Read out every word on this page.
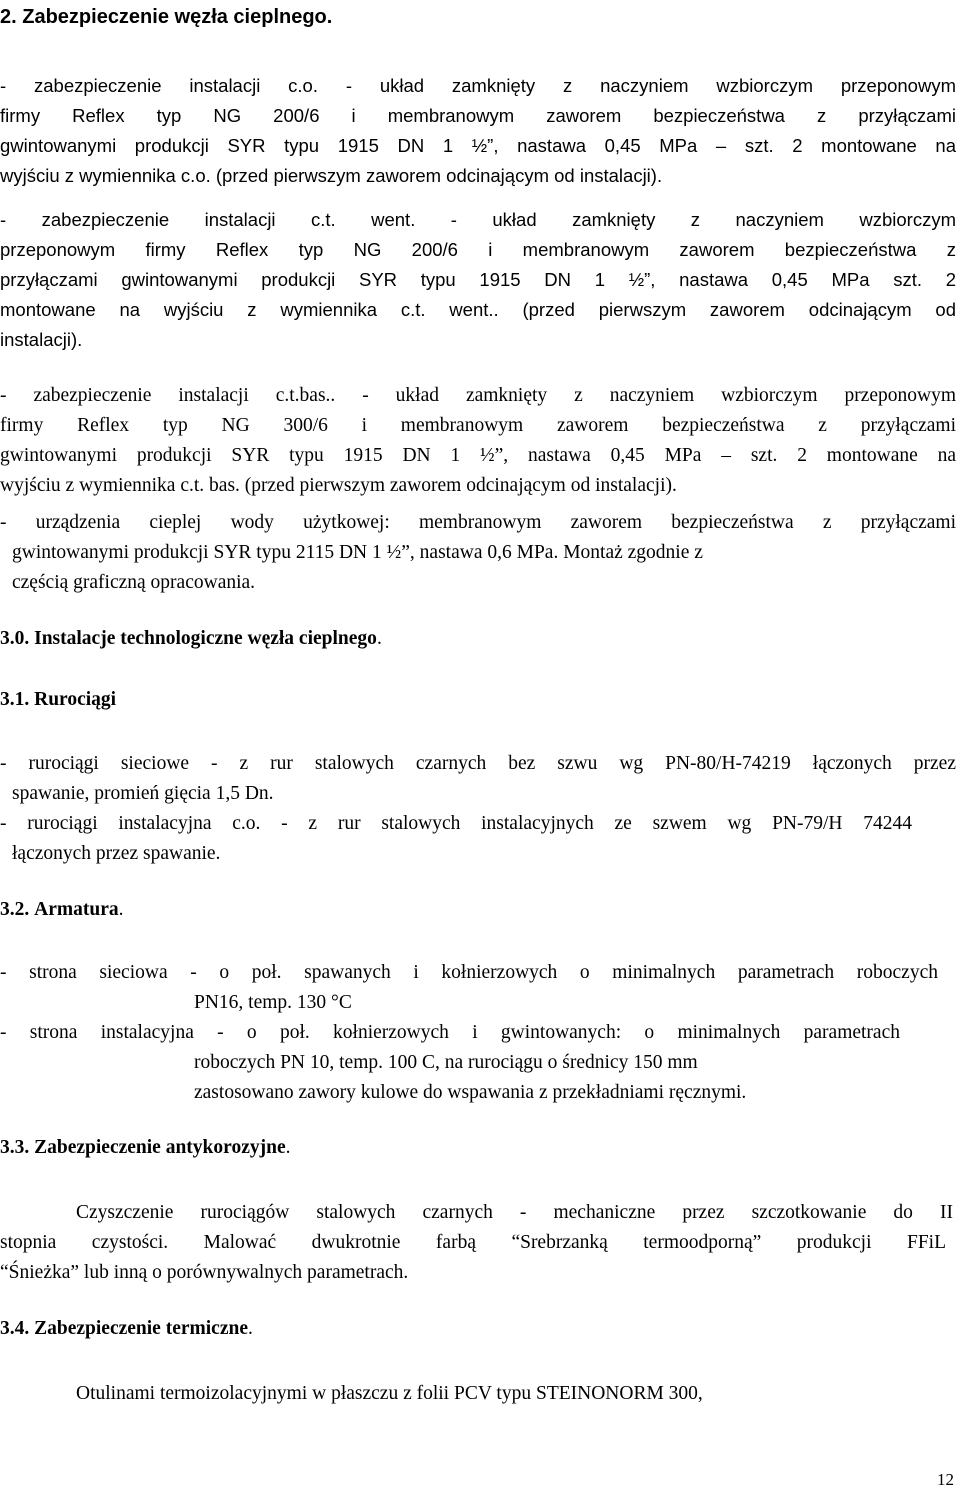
2. Zabezpieczenie węzła cieplnego.
- zabezpieczenie instalacji c.o. - układ zamknięty z naczyniem wzbiorczym przeponowym
firmy Reflex typ NG 200/6 i membranowym zaworem bezpieczeństwa z przyłączami
gwintowanymi produkcji SYR typu 1915 DN 1 ½”, nastawa 0,45 MPa – szt. 2 montowane na
wyjściu z wymiennika c.o. (przed pierwszym zaworem odcinającym od instalacji).
- zabezpieczenie instalacji c.t. went. - układ zamknięty z naczyniem wzbiorczym
przeponowym firmy Reflex typ NG 200/6 i membranowym zaworem bezpieczeństwa z
przyłączami gwintowanymi produkcji SYR typu 1915 DN 1 ½”, nastawa 0,45 MPa szt. 2
montowane na wyjściu z wymiennika c.t. went.. (przed pierwszym zaworem odcinającym od
instalacji).
- zabezpieczenie instalacji c.t.bas.. - układ zamknięty z naczyniem wzbiorczym przeponowym
firmy Reflex typ NG 300/6 i membranowym zaworem bezpieczeństwa z przyłączami
gwintowanymi produkcji SYR typu 1915 DN 1 ½”, nastawa 0,45 MPa – szt. 2 montowane na
wyjściu z wymiennika c.t. bas. (przed pierwszym zaworem odcinającym od instalacji).
- urządzenia cieplej wody użytkowej: membranowym zaworem bezpieczeństwa z przyłączami
gwintowanymi produkcji SYR typu 2115 DN 1 ½”, nastawa 0,6 MPa. Montaż zgodnie z
częścią graficzną opracowania.
3.0. Instalacje technologiczne węzła cieplnego.
3.1. Rurociągi
- rurociągi sieciowe - z rur stalowych czarnych bez szwu wg PN-80/H-74219 łączonych przez
spawanie, promień gięcia 1,5 Dn.
- rurociągi instalacyjna c.o. - z rur stalowych instalacyjnych ze szwem wg PN-79/H 74244
łączonych przez spawanie.
3.2. Armatura.
- strona sieciowa - o poł. spawanych i kołnierzowych o minimalnych parametrach roboczych
PN16, temp. 130 °C
- strona instalacyjna - o poł. kołnierzowych i gwintowanych: o minimalnych parametrach
roboczych PN 10, temp. 100 C, na rurociągu o średnicy 150 mm
zastosowano zawory kulowe do wspawania z przekładniami ręcznymi.
3.3. Zabezpieczenie antykorozyjne.
Czyszczenie rurociągów stalowych czarnych - mechaniczne przez szczotkowanie do II
stopnia czystości. Malować dwukrotnie farbą “Srebrzanką termoodporną” produkcji FFiL
“Śnieżka” lub inną o porównywalnych parametrach.
3.4. Zabezpieczenie termiczne.
Otulinami termoizolacyjnymi w płaszczu z folii PCV typu STEINONORM 300,
12
